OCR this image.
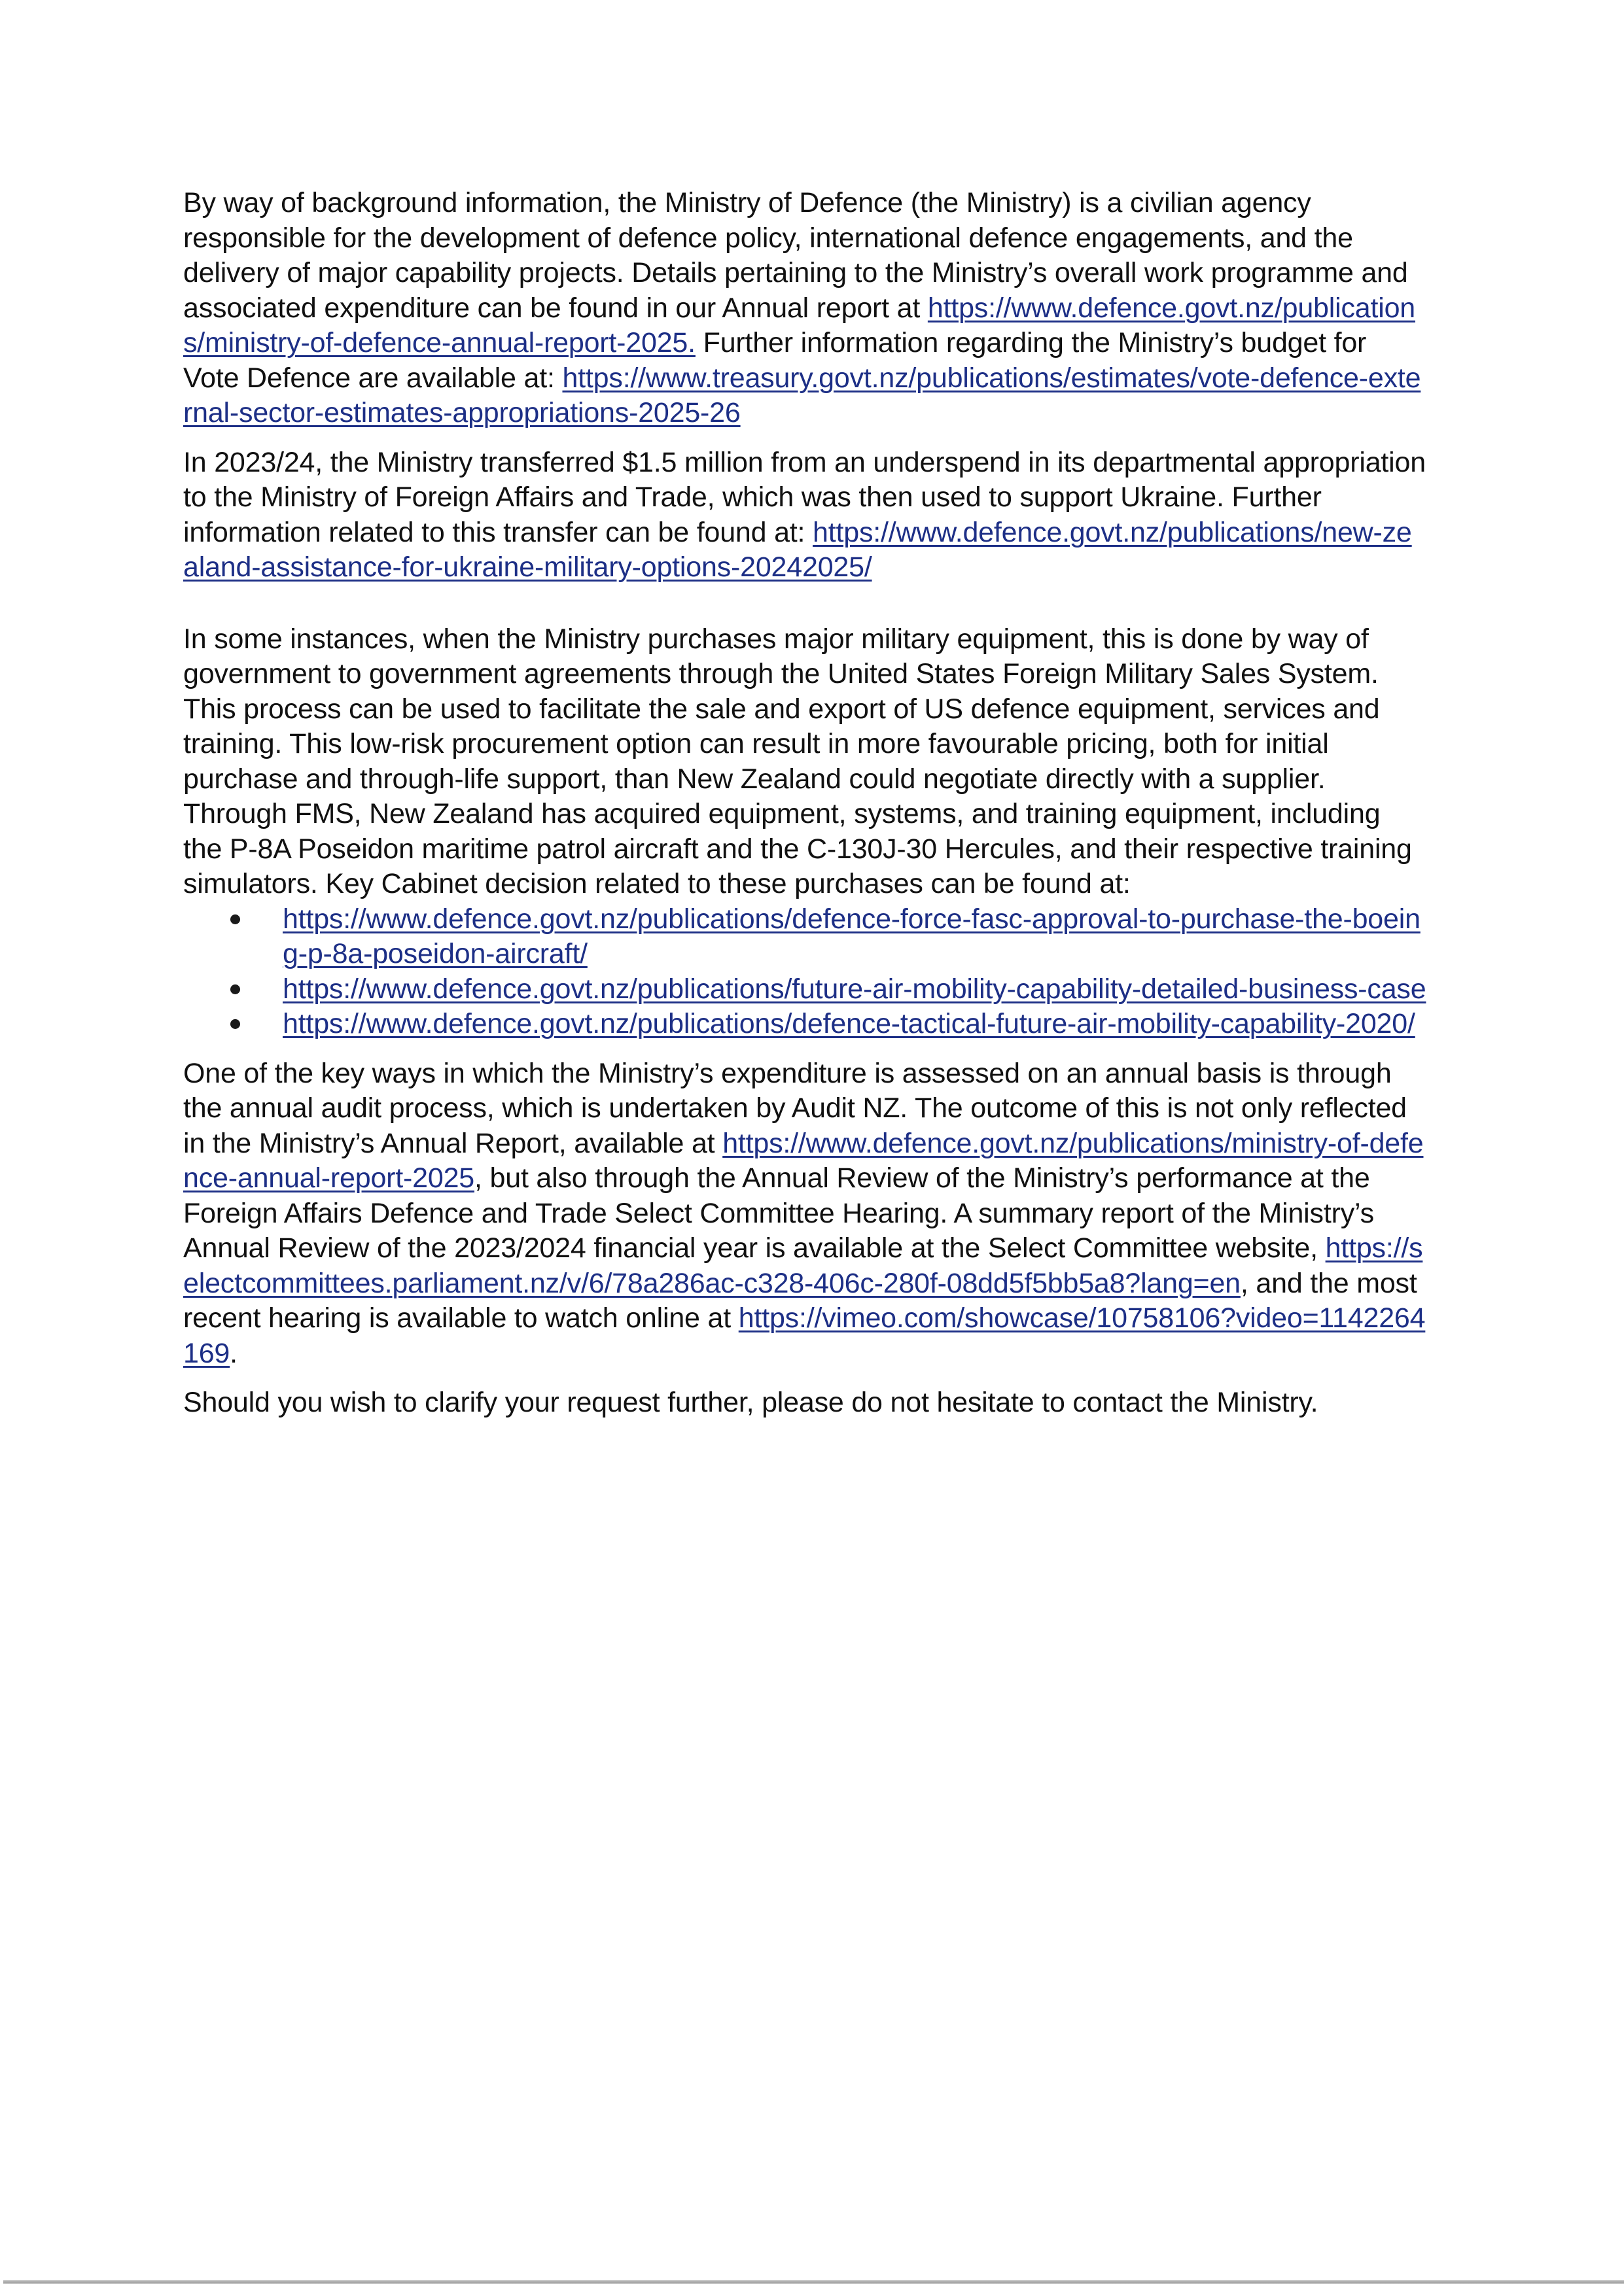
By way of background information, the Ministry of Defence (the Ministry) is a civilian agency responsible for the development of defence policy, international defence engagements, and the delivery of major capability projects. Details pertaining to the Ministry’s overall work programme and associated expenditure can be found in our Annual report at https://www.defence.govt.nz/publications/ministry-of-defence-annual-report-2025. Further information regarding the Ministry’s budget for Vote Defence are available at: https://www.treasury.govt.nz/publications/estimates/vote-defence-external-sector-estimates-appropriations-2025-26

In 2023/24, the Ministry transferred $1.5 million from an underspend in its departmental appropriation to the Ministry of Foreign Affairs and Trade, which was then used to support Ukraine. Further information related to this transfer can be found at: https://www.defence.govt.nz/publications/new-zealand-assistance-for-ukraine-military-options-20242025/

In some instances, when the Ministry purchases major military equipment, this is done by way of government to government agreements through the United States Foreign Military Sales System. This process can be used to facilitate the sale and export of US defence equipment, services and training. This low-risk procurement option can result in more favourable pricing, both for initial purchase and through-life support, than New Zealand could negotiate directly with a supplier. Through FMS, New Zealand has acquired equipment, systems, and training equipment, including the P-8A Poseidon maritime patrol aircraft and the C-130J-30 Hercules, and their respective training simulators. Key Cabinet decision related to these purchases can be found at:

https://www.defence.govt.nz/publications/defence-force-fasc-approval-to-purchase-the-boeing-p-8a-poseidon-aircraft/
https://www.defence.govt.nz/publications/future-air-mobility-capability-detailed-business-case
https://www.defence.govt.nz/publications/defence-tactical-future-air-mobility-capability-2020/

One of the key ways in which the Ministry’s expenditure is assessed on an annual basis is through the annual audit process, which is undertaken by Audit NZ. The outcome of this is not only reflected in the Ministry’s Annual Report, available at https://www.defence.govt.nz/publications/ministry-of-defence-annual-report-2025, but also through the Annual Review of the Ministry’s performance at the Foreign Affairs Defence and Trade Select Committee Hearing. A summary report of the Ministry’s Annual Review of the 2023/2024 financial year is available at the Select Committee website, https://selectcommittees.parliament.nz/v/6/78a286ac-c328-406c-280f-08dd5f5bb5a8?lang=en, and the most recent hearing is available to watch online at https://vimeo.com/showcase/10758106?video=1142264169.

Should you wish to clarify your request further, please do not hesitate to contact the Ministry.
